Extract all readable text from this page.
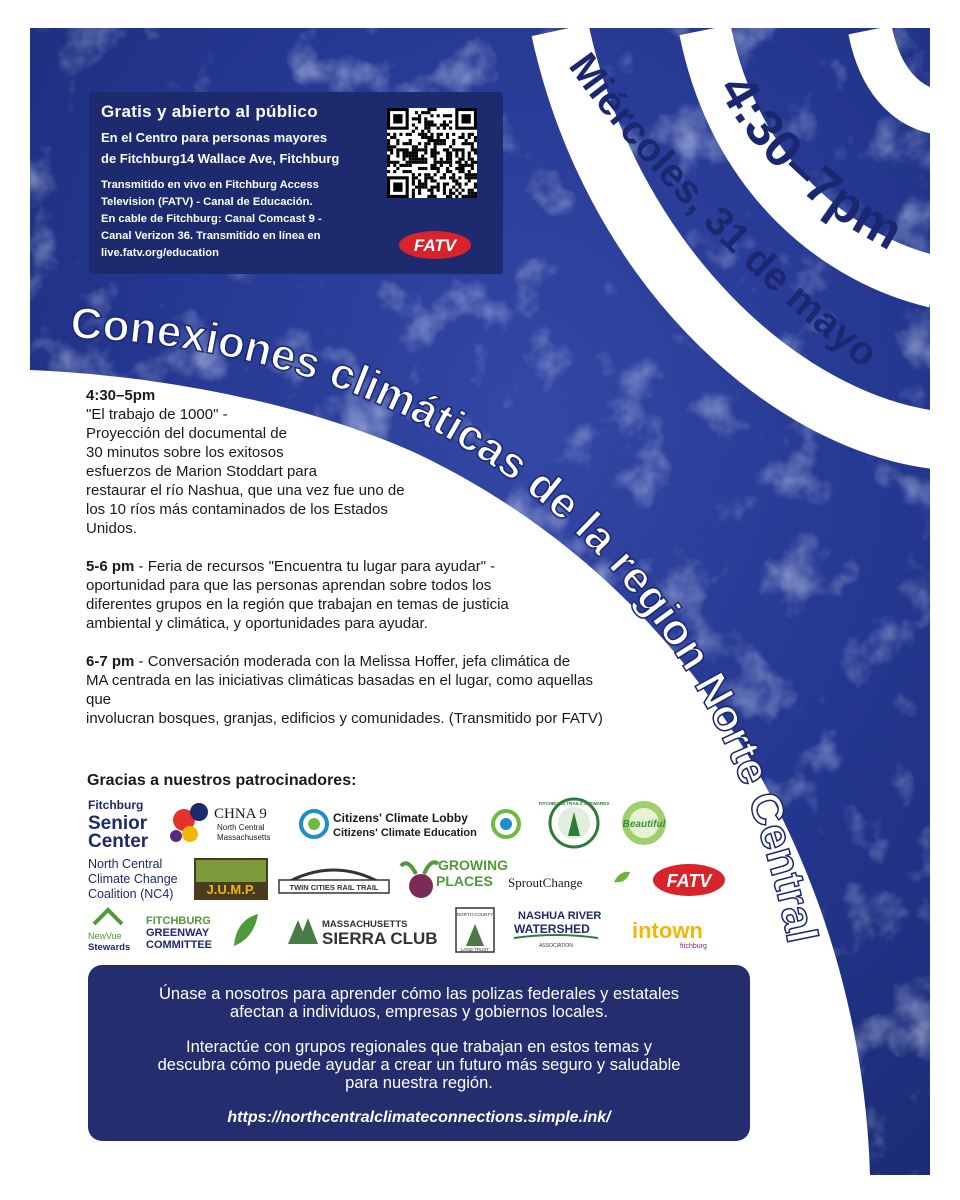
4:30–7pm
Miércoles, 31 de mayo
Conexiones climáticas de la region Norte Central
Gratis y abierto al público
En el Centro para personas mayores
de Fitchburg14 Wallace Ave, Fitchburg
Transmitido en vivo en Fitchburg Access
Television (FATV) - Canal de Educación.
En cable de Fitchburg: Canal Comcast 9 -
Canal Verizon 36. Transmitido en línea en
live.fatv.org/education	FATV

4:30–5pm
"El trabajo de 1000" -
Proyección del documental de
30 minutos sobre los exitosos
esfuerzos de Marion Stoddart para
restaurar el río Nashua, que una vez fue uno de
los 10 ríos más contaminados de los Estados
Unidos.

5-6 pm - Feria de recursos "Encuentra tu lugar para ayudar" -
oportunidad para que las personas aprendan sobre todos los
diferentes grupos en la región que trabajan en temas de justicia
ambiental y climática, y oportunidades para ayudar.

6-7 pm - Conversación moderada con la Melissa Hoffer, jefa climática de
MA centrada en las iniciativas climáticas basadas en el lugar, como aquellas que
involucran bosques, granjas, edificios y comunidades. (Transmitido por FATV)

Gracias a nuestros patrocinadores:
Fitchburg
Senior
Center
CHNA 9
North Central
Massachusetts
Citizens' Climate Lobby
Citizens' Climate Education
FITCHBURG TRAILS STEWARDS
Beautiful
North Central
Climate Change
Coalition (NC4)	J.U.M.P.	TWIN CITIES RAIL TRAIL
GROWING
PLACES SproutChange	FATV
NewVue
Stewards
FITCHBURG
GREENWAY
COMMITTEE
MASSACHUSETTS
SIERRA CLUB
NORTH COUNTY
LAND TRUST
NASHUA RIVER
WATERSHED
ASSOCIATION
intown
fitchburg

Únase a nosotros para aprender cómo las polizas federales y estatales
afectan a individuos, empresas y gobiernos locales.

Interactúe con grupos regionales que trabajan en estos temas y
descubra cómo puede ayudar a crear un futuro más seguro y saludable
para nuestra región.

https://northcentralclimateconnections.simple.ink/
